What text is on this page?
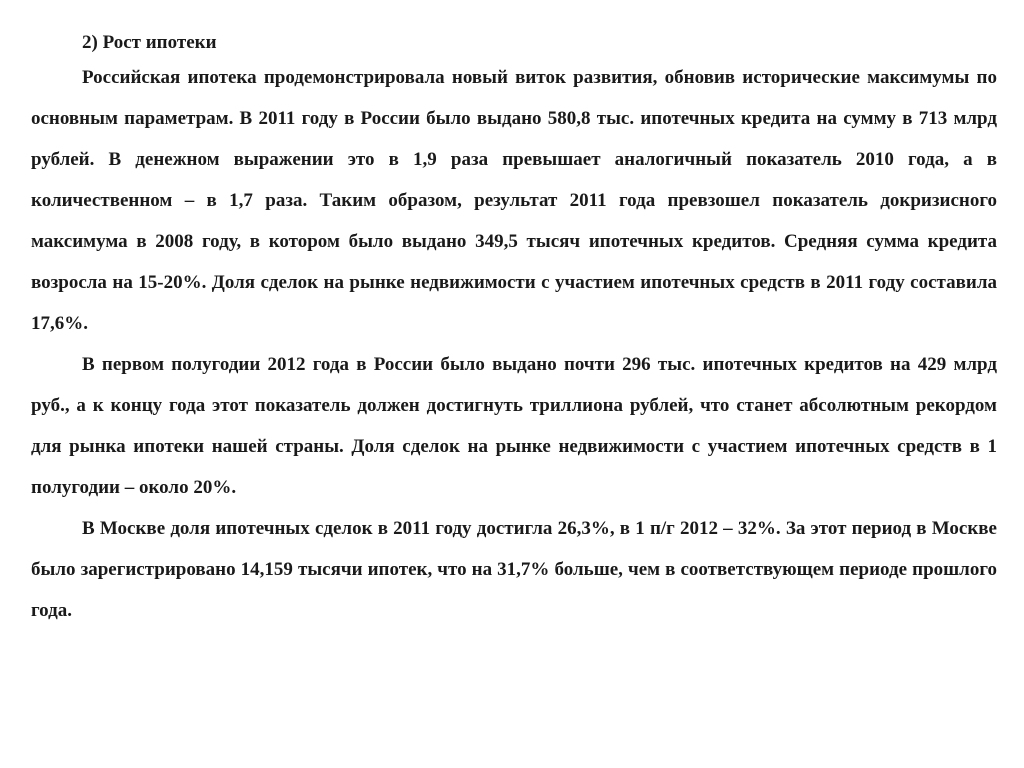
2) Рост ипотеки

Российская ипотека продемонстрировала новый виток развития, обновив исторические максимумы по основным параметрам. В 2011 году в России было выдано 580,8 тыс. ипотечных кредита на сумму в 713 млрд рублей. В денежном выражении это в 1,9 раза превышает аналогичный показатель 2010 года, а в количественном – в 1,7 раза. Таким образом, результат 2011 года превзошел показатель докризисного максимума в 2008 году, в котором было выдано 349,5 тысяч ипотечных кредитов. Средняя сумма кредита возросла на 15-20%. Доля сделок на рынке недвижимости с участием ипотечных средств в 2011 году составила 17,6%.

В первом полугодии 2012 года в России было выдано почти 296 тыс. ипотечных кредитов на 429 млрд руб., а к концу года этот показатель должен достигнуть триллиона рублей, что станет абсолютным рекордом для рынка ипотеки нашей страны. Доля сделок на рынке недвижимости с участием ипотечных средств в 1 полугодии – около 20%.

В Москве доля ипотечных сделок в 2011 году достигла 26,3%, в 1 п/г 2012 – 32%. За этот период в Москве было зарегистрировано 14,159 тысячи ипотек, что на 31,7% больше, чем в соответствующем периоде прошлого года.
